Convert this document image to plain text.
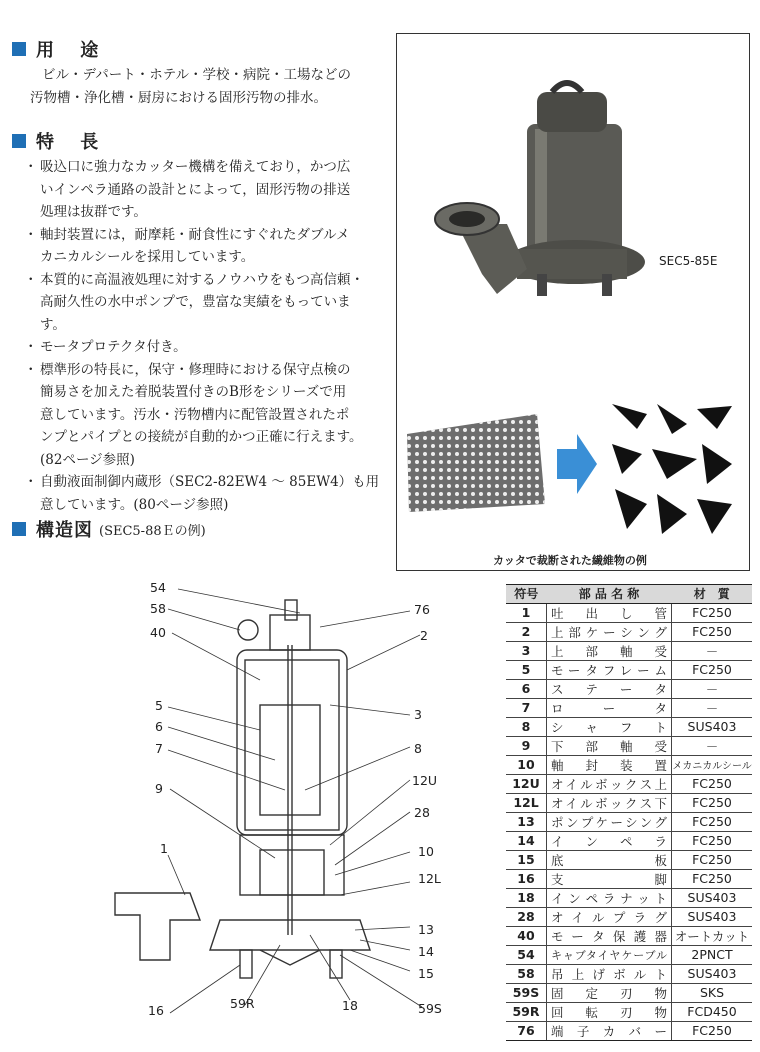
用 途
ビル・デパート・ホテル・学校・病院・工場などの
汚物槽・浄化槽・厨房における固形汚物の排水。
特 長
・ 吸込口に強力なカッター機構を備えており，かつ広
いインペラ通路の設計とによって，固形汚物の排送
処理は抜群です。
・ 軸封装置には，耐摩耗・耐食性にすぐれたダブルメ
カニカルシールを採用しています。
・ 本質的に高温液処理に対するノウハウをもつ高信頼・
高耐久性の水中ポンプで，豊富な実績をもっていま
す。
・ モータプロテクタ付き。
・ 標準形の特長に，保守・修理時における保守点検の
簡易さを加えた着脱装置付きのB形をシリーズで用
意しています。汚水・汚物槽内に配管設置されたポ
ンプとパイプとの接続が自動的かつ正確に行えます。
(82ページ参照)
・ 自動液面制御内蔵形（SEC2-82EW4 ～ 85EW4）も用
意しています。(80ページ参照)
構造図 (SEC5-88Ｅの例)
SEC5-85E
カッタで裁断された繊維物の例
54
58
40
5
6
7
9
1
16	59R	18	59S
76
2
3
8
12U
28
10
12L
13
14
15
符号	部 品 名 称	材　質
1	吐出し管	FC250
2	上部ケーシング	FC250
3	上部軸受	－
5	モータフレーム	FC250
6	ステータ	－
7	ロータ	－
8	シャフト	SUS403
9	下部軸受	－
10	軸封装置	メカニカルシール
12U	オイルボックス上	FC250
12L	オイルボックス下	FC250
13	ポンプケーシング	FC250
14	インペラ	FC250
15	底板	FC250
16	支脚	FC250
18	インペラナット	SUS403
28	オイルプラグ	SUS403
40	モータ保護器	オートカット
54	キャブタイヤケーブル	2PNCT
58	吊上げボルト	SUS403
59S	固定刃物	SKS
59R	回転刃物	FCD450
76	端子カバー	FC250
